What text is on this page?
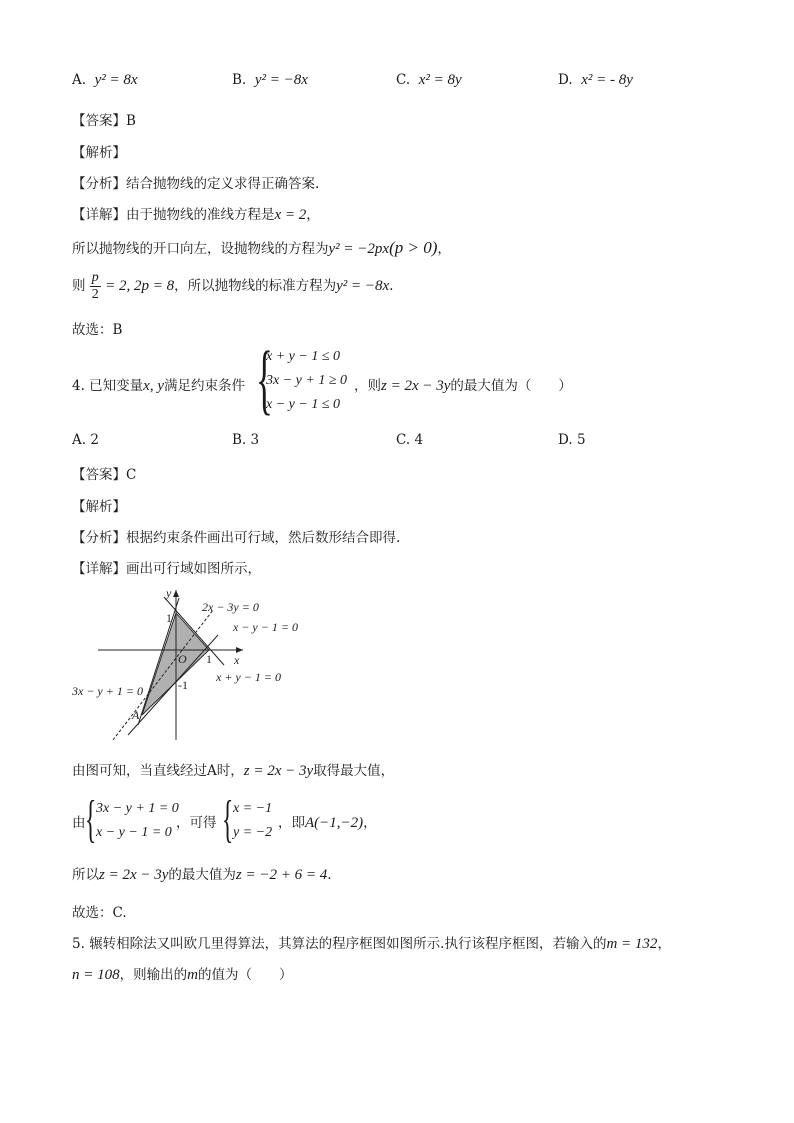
A. y² = 8x	B. y² = −8x	C. x² = 8y	D. x² = - 8y
【答案】B
【解析】
【分析】结合抛物线的定义求得正确答案.
【详解】由于抛物线的准线方程是x = 2，
所以抛物线的开口向左，设抛物线的方程为y² = −2px(p > 0)，
则 $\frac{p}{2} = 2$, 2p = 8，所以抛物线的标准方程为y² = −8x.
故选：B
4. 已知变量x, y满足约束条件 {
x + y − 1 ≤ 0
3x − y + 1 ≥ 0
x − y − 1 ≤ 0
，则z = 2x − 3y的最大值为（　　）
A. 2	B. 3	C. 4	D. 5
【答案】C
【解析】
【分析】根据约束条件画出可行域，然后数形结合即得.
【详解】画出可行域如图所示，
y
x
O
1
1
-1
A
2x − 3y = 0
x − y − 1 = 0
x + y − 1 = 0
3x − y + 1 = 0
由图可知，当直线经过A时，z = 2x − 3y取得最大值，
由 { 3x − y + 1 = 0
x − y − 1 = 0
，可得 { x = −1
y = −2
，即A(−1,−2)，
所以z = 2x − 3y的最大值为z = −2 + 6 = 4.
故选：C.
5. 辗转相除法又叫欧几里得算法，其算法的程序框图如图所示.执行该程序框图，若输入的m = 132，
n = 108，则输出的m的值为（　　）
